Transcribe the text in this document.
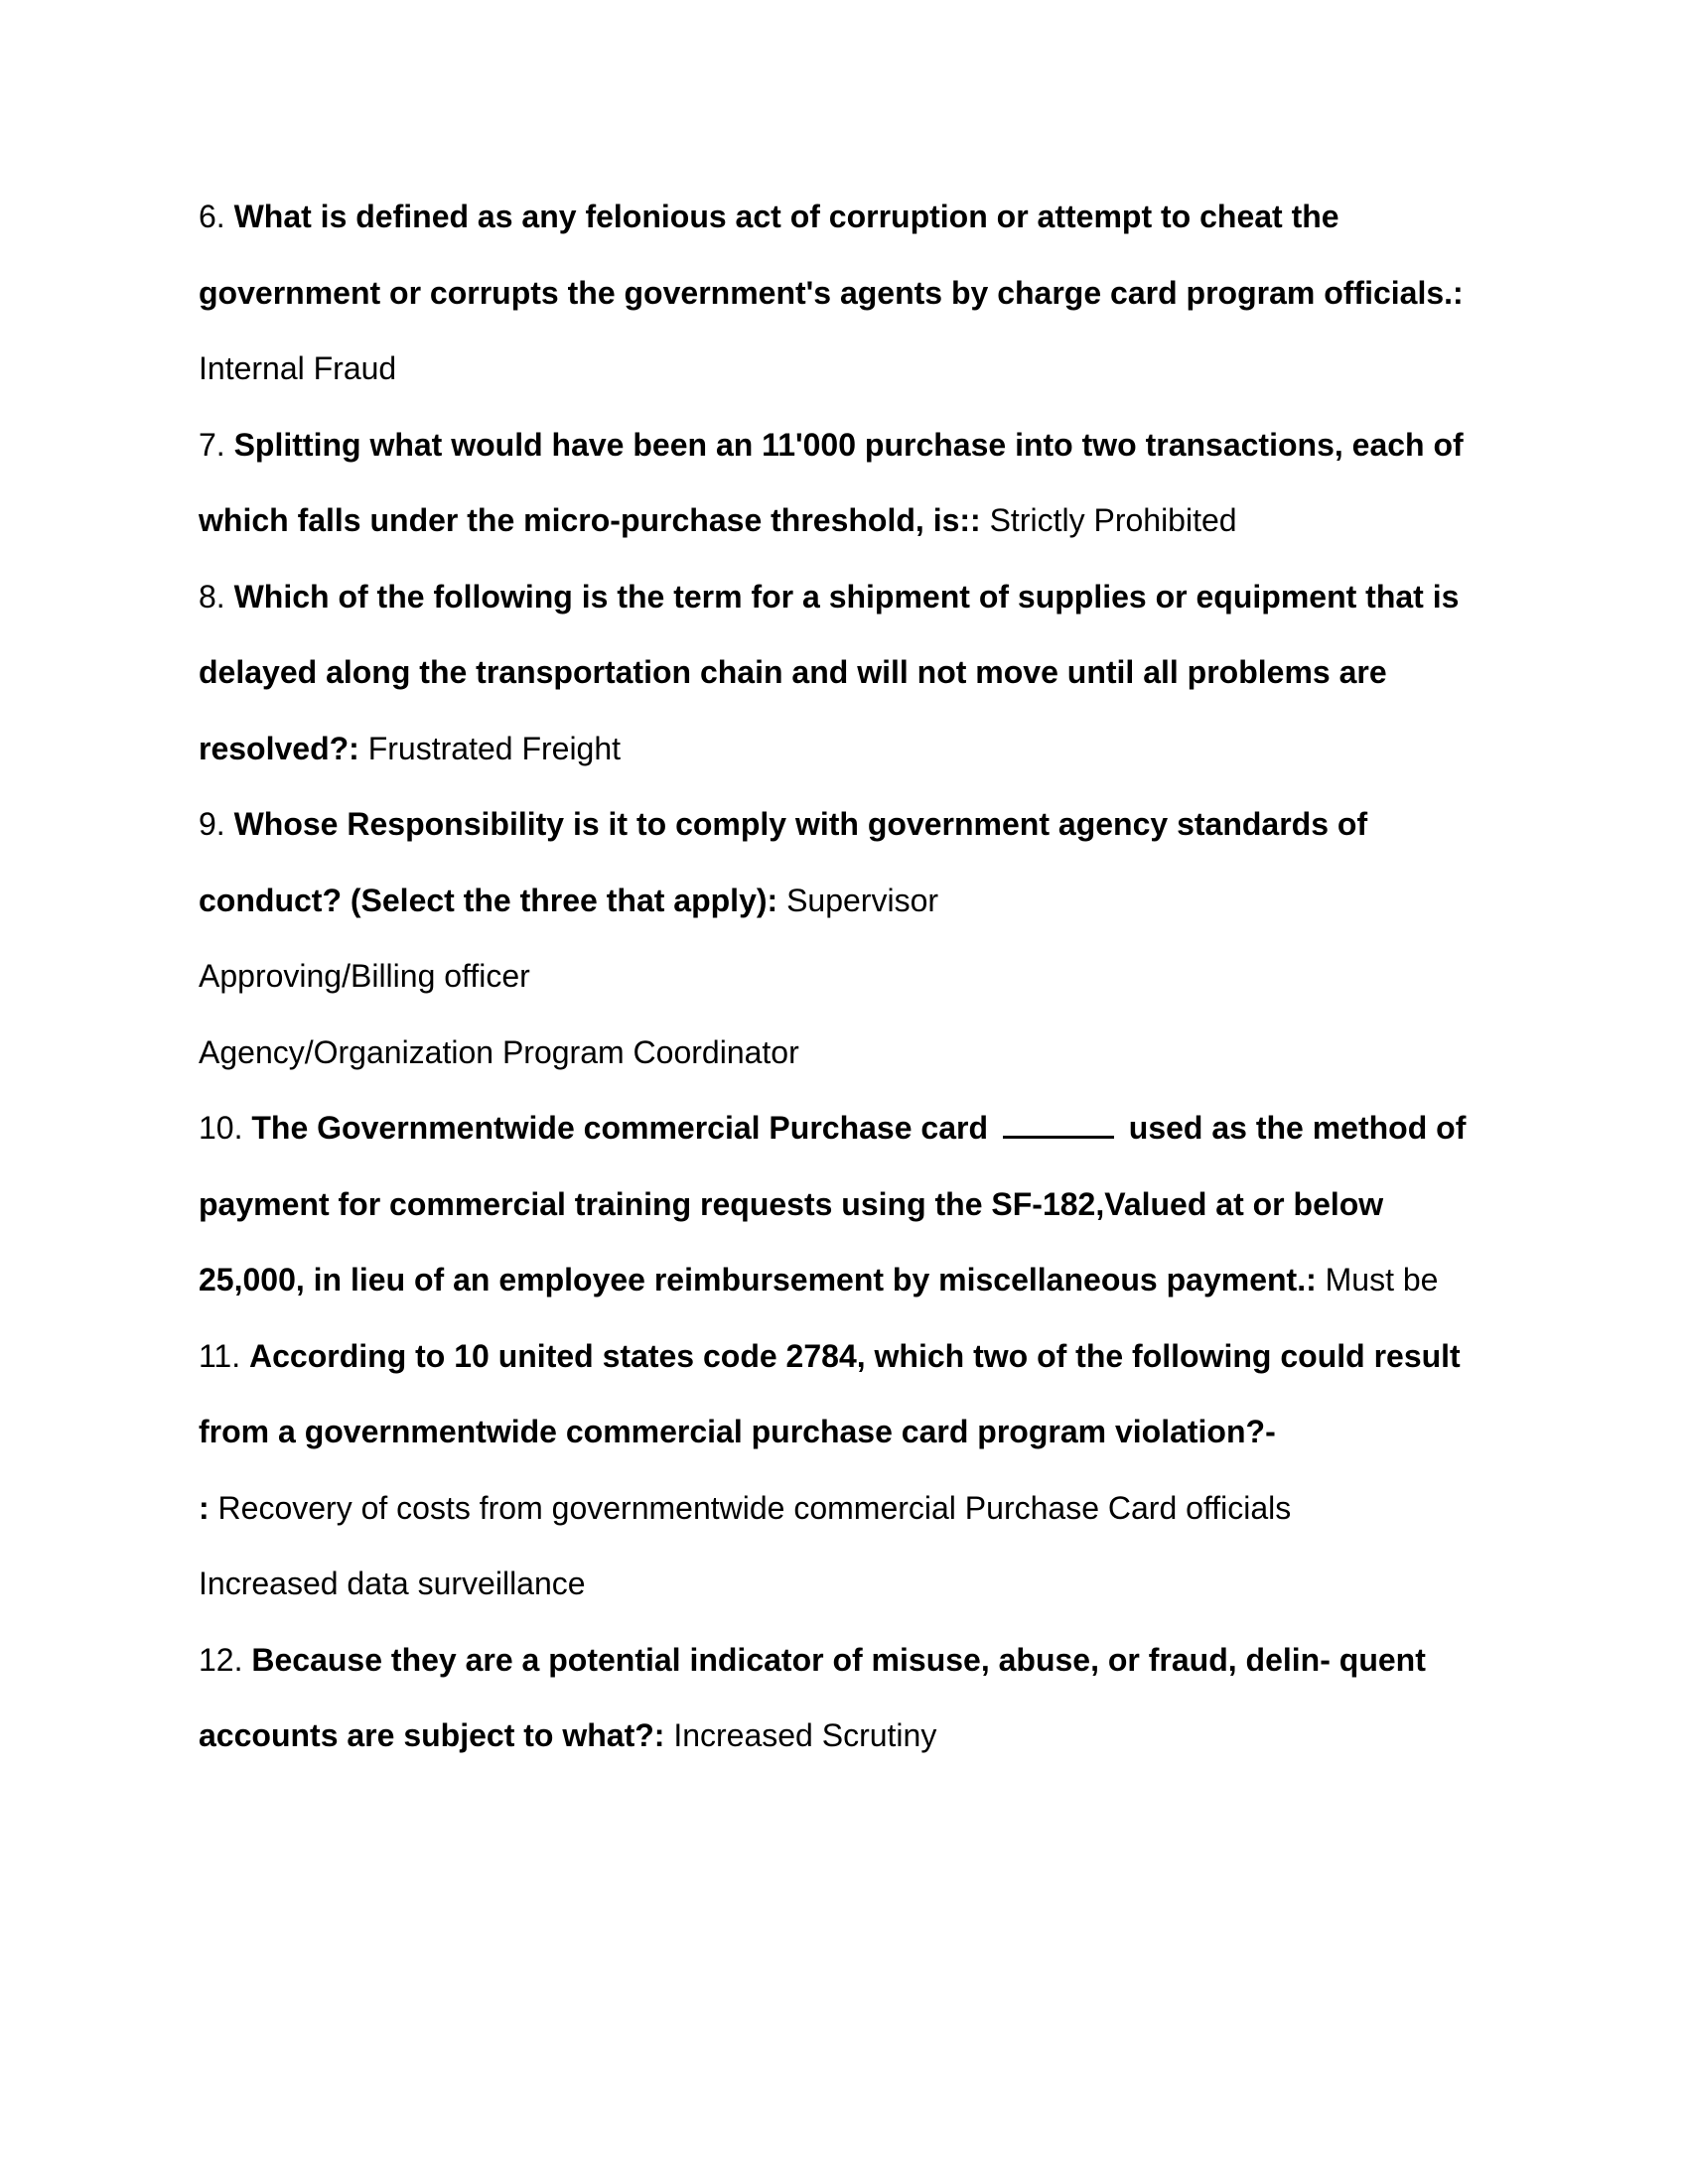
6. What is defined as any felonious act of corruption or attempt to cheat the government or corrupts the government's agents by charge card program officials.: Internal Fraud

7. Splitting what would have been an 11'000 purchase into two transactions, each of which falls under the micro-purchase threshold, is:: Strictly Prohibited

8. Which of the following is the term for a shipment of supplies or equipment that is delayed along the transportation chain and will not move until all problems are resolved?: Frustrated Freight

9. Whose Responsibility is it to comply with government agency standards of conduct? (Select the three that apply): Supervisor

Approving/Billing officer

Agency/Organization Program Coordinator

10. The Governmentwide commercial Purchase card	used as the method of payment for commercial training requests using the SF-182,Valued at or below 25,000, in lieu of an employee reimbursement by miscellaneous payment.: Must be

11. According to 10 united states code 2784, which two of the following could result from a governmentwide commercial purchase card program violation?-

: Recovery of costs from governmentwide commercial Purchase Card officials

Increased data surveillance

12. Because they are a potential indicator of misuse, abuse, or fraud, delin- quent accounts are subject to what?: Increased Scrutiny
